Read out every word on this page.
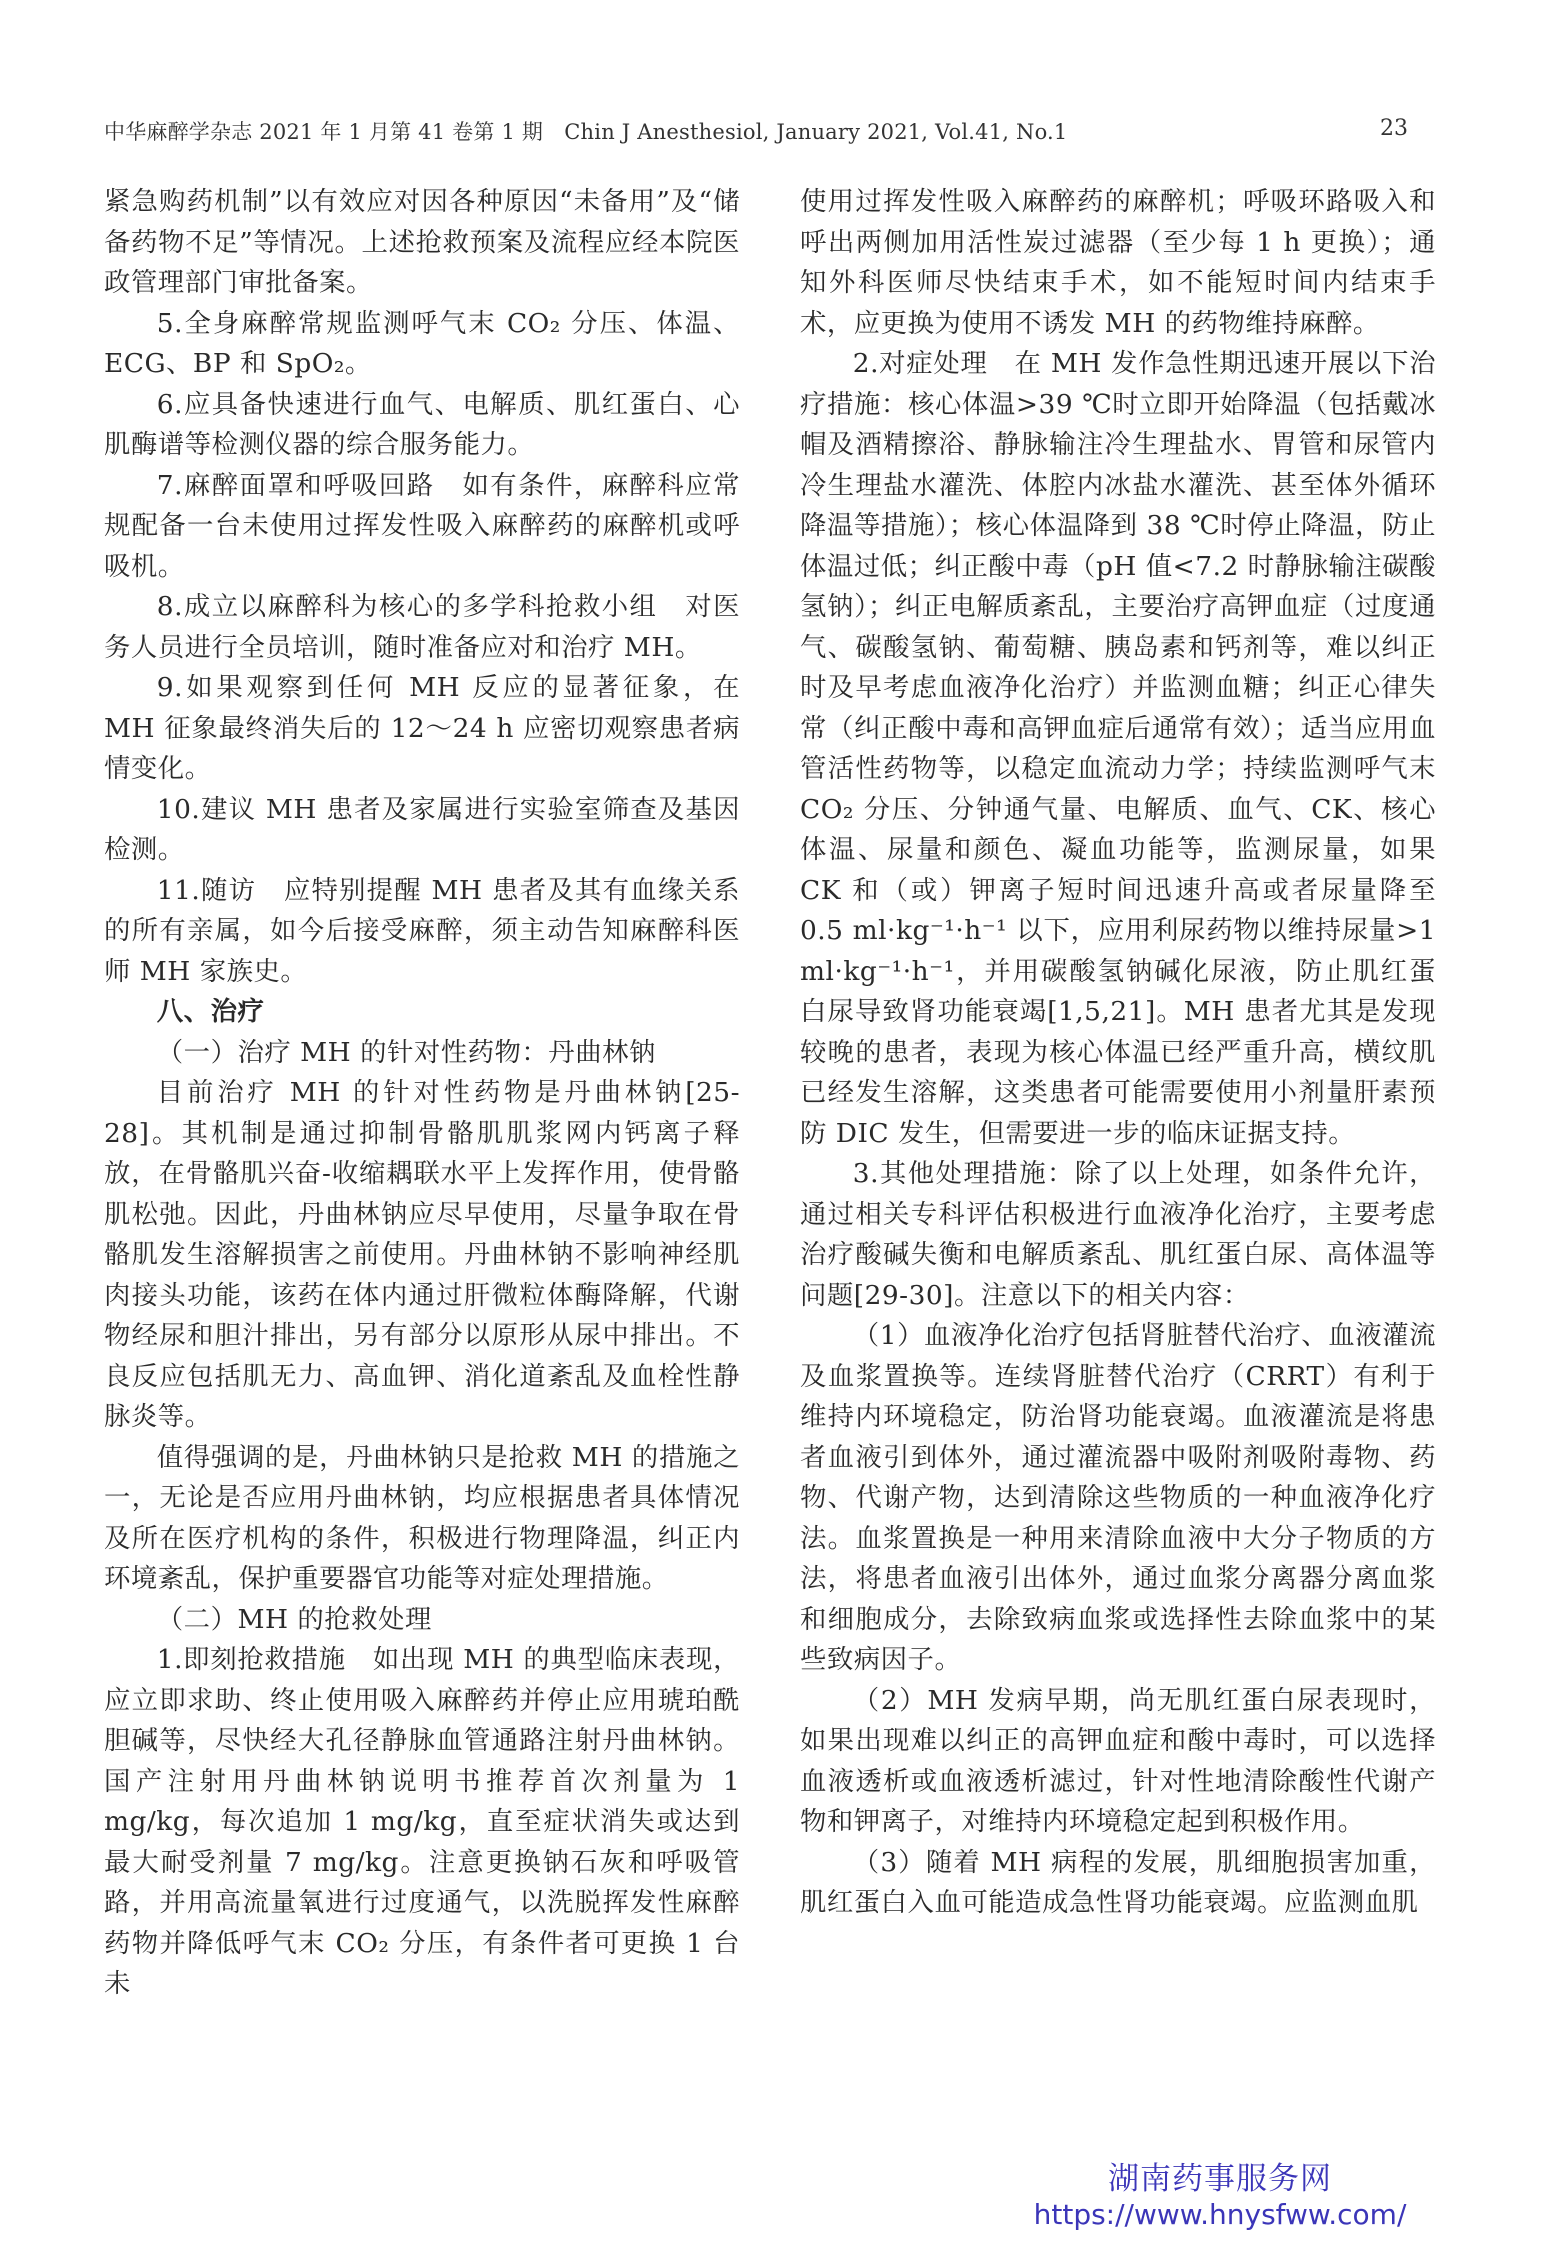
中华麻醉学杂志 2021 年 1 月第 41 卷第 1 期　Chin J Anesthesiol, January 2021, Vol.41, No.1	23

紧急购药机制”以有效应对因各种原因“未备用”及“储备药物不足”等情况。上述抢救预案及流程应经本院医政管理部门审批备案。

5.全身麻醉常规监测呼气末 CO₂ 分压、体温、ECG、BP 和 SpO₂。

6.应具备快速进行血气、电解质、肌红蛋白、心肌酶谱等检测仪器的综合服务能力。

7.麻醉面罩和呼吸回路　如有条件，麻醉科应常规配备一台未使用过挥发性吸入麻醉药的麻醉机或呼吸机。

8.成立以麻醉科为核心的多学科抢救小组　对医务人员进行全员培训，随时准备应对和治疗 MH。

9.如果观察到任何 MH 反应的显著征象，在 MH 征象最终消失后的 12～24 h 应密切观察患者病情变化。

10.建议 MH 患者及家属进行实验室筛查及基因检测。

11.随访　应特别提醒 MH 患者及其有血缘关系的所有亲属，如今后接受麻醉，须主动告知麻醉科医师 MH 家族史。

八、治疗

（一）治疗 MH 的针对性药物：丹曲林钠

目前治疗 MH 的针对性药物是丹曲林钠[25-28]。其机制是通过抑制骨骼肌肌浆网内钙离子释放，在骨骼肌兴奋-收缩耦联水平上发挥作用，使骨骼肌松弛。因此，丹曲林钠应尽早使用，尽量争取在骨骼肌发生溶解损害之前使用。丹曲林钠不影响神经肌肉接头功能，该药在体内通过肝微粒体酶降解，代谢物经尿和胆汁排出，另有部分以原形从尿中排出。不良反应包括肌无力、高血钾、消化道紊乱及血栓性静脉炎等。

值得强调的是，丹曲林钠只是抢救 MH 的措施之一，无论是否应用丹曲林钠，均应根据患者具体情况及所在医疗机构的条件，积极进行物理降温，纠正内环境紊乱，保护重要器官功能等对症处理措施。

（二）MH 的抢救处理

1.即刻抢救措施　如出现 MH 的典型临床表现，应立即求助、终止使用吸入麻醉药并停止应用琥珀酰胆碱等，尽快经大孔径静脉血管通路注射丹曲林钠。国产注射用丹曲林钠说明书推荐首次剂量为 1 mg/kg，每次追加 1 mg/kg，直至症状消失或达到最大耐受剂量 7 mg/kg。注意更换钠石灰和呼吸管路，并用高流量氧进行过度通气，以洗脱挥发性麻醉药物并降低呼气末 CO₂ 分压，有条件者可更换 1 台未

使用过挥发性吸入麻醉药的麻醉机；呼吸环路吸入和呼出两侧加用活性炭过滤器（至少每 1 h 更换）；通知外科医师尽快结束手术，如不能短时间内结束手术，应更换为使用不诱发 MH 的药物维持麻醉。

2.对症处理　在 MH 发作急性期迅速开展以下治疗措施：核心体温>39 ℃时立即开始降温（包括戴冰帽及酒精擦浴、静脉输注冷生理盐水、胃管和尿管内冷生理盐水灌洗、体腔内冰盐水灌洗、甚至体外循环降温等措施）；核心体温降到 38 ℃时停止降温，防止体温过低；纠正酸中毒（pH 值<7.2 时静脉输注碳酸氢钠）；纠正电解质紊乱，主要治疗高钾血症（过度通气、碳酸氢钠、葡萄糖、胰岛素和钙剂等，难以纠正时及早考虑血液净化治疗）并监测血糖；纠正心律失常（纠正酸中毒和高钾血症后通常有效）；适当应用血管活性药物等，以稳定血流动力学；持续监测呼气末 CO₂ 分压、分钟通气量、电解质、血气、CK、核心体温、尿量和颜色、凝血功能等，监测尿量，如果 CK 和（或）钾离子短时间迅速升高或者尿量降至 0.5 ml·kg⁻¹·h⁻¹ 以下，应用利尿药物以维持尿量>1 ml·kg⁻¹·h⁻¹，并用碳酸氢钠碱化尿液，防止肌红蛋白尿导致肾功能衰竭[1,5,21]。MH 患者尤其是发现较晚的患者，表现为核心体温已经严重升高，横纹肌已经发生溶解，这类患者可能需要使用小剂量肝素预防 DIC 发生，但需要进一步的临床证据支持。

3.其他处理措施：除了以上处理，如条件允许，通过相关专科评估积极进行血液净化治疗，主要考虑治疗酸碱失衡和电解质紊乱、肌红蛋白尿、高体温等问题[29-30]。注意以下的相关内容：

（1）血液净化治疗包括肾脏替代治疗、血液灌流及血浆置换等。连续肾脏替代治疗（CRRT）有利于维持内环境稳定，防治肾功能衰竭。血液灌流是将患者血液引到体外，通过灌流器中吸附剂吸附毒物、药物、代谢产物，达到清除这些物质的一种血液净化疗法。血浆置换是一种用来清除血液中大分子物质的方法，将患者血液引出体外，通过血浆分离器分离血浆和细胞成分，去除致病血浆或选择性去除血浆中的某些致病因子。

（2）MH 发病早期，尚无肌红蛋白尿表现时，如果出现难以纠正的高钾血症和酸中毒时，可以选择血液透析或血液透析滤过，针对性地清除酸性代谢产物和钾离子，对维持内环境稳定起到积极作用。

（3）随着 MH 病程的发展，肌细胞损害加重，肌红蛋白入血可能造成急性肾功能衰竭。应监测血肌

湖南药事服务网
https://www.hnysfww.com/
